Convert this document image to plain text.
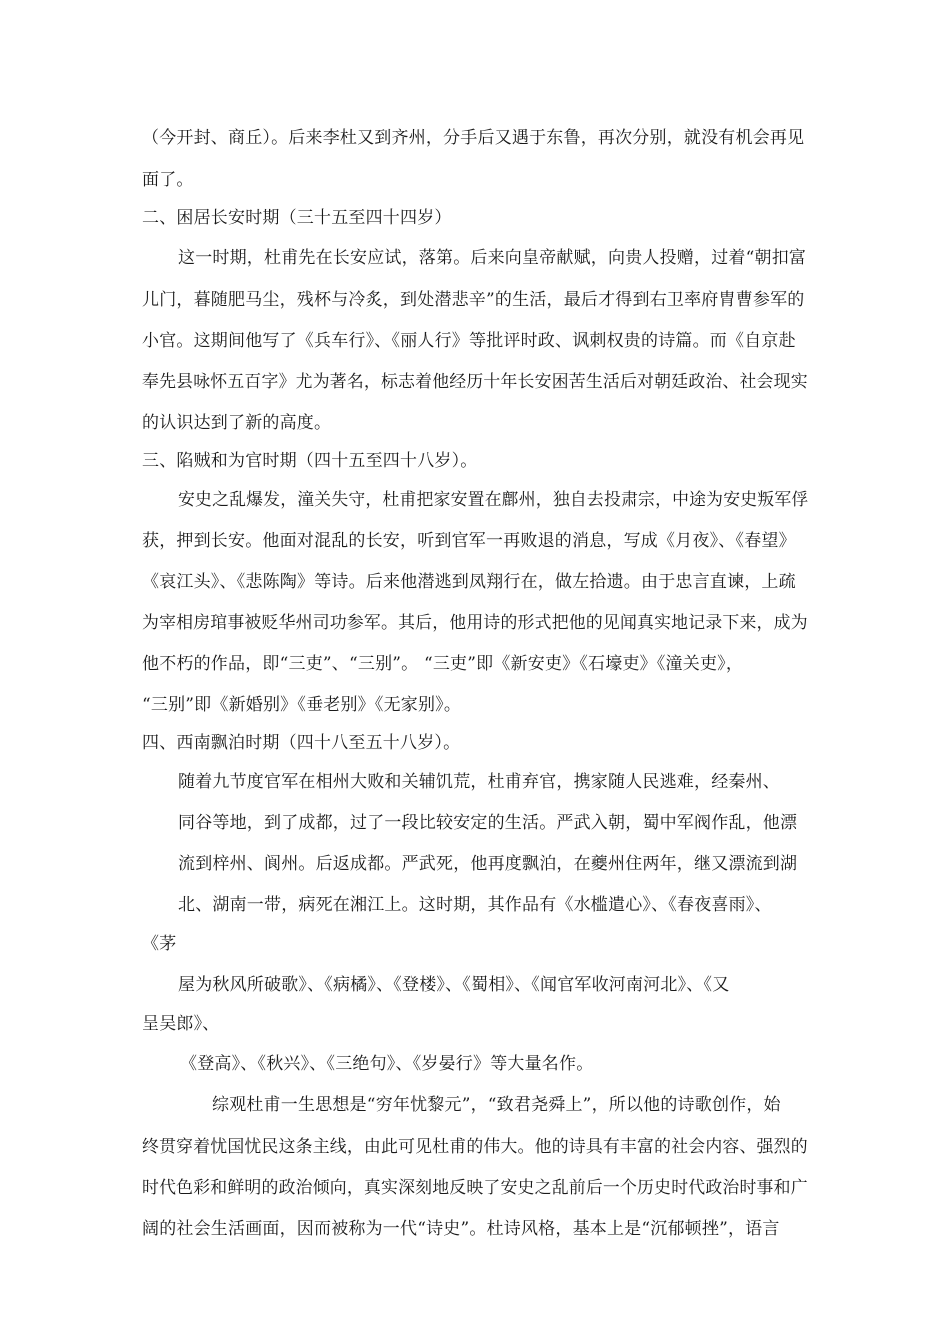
（今开封、商丘）。后来李杜又到齐州，分手后又遇于东鲁，再次分别，就没有机会再见
面了。
二、困居长安时期（三十五至四十四岁）
这一时期，杜甫先在长安应试，落第。后来向皇帝献赋，向贵人投赠，过着“朝扣富
儿门，暮随肥马尘，残杯与冷炙，到处潜悲辛”的生活，最后才得到右卫率府胄曹参军的
小官。这期间他写了《兵车行》、《丽人行》等批评时政、讽刺权贵的诗篇。而《自京赴
奉先县咏怀五百字》尤为著名，标志着他经历十年长安困苦生活后对朝廷政治、社会现实
的认识达到了新的高度。
三、陷贼和为官时期（四十五至四十八岁）。
安史之乱爆发，潼关失守，杜甫把家安置在鄜州，独自去投肃宗，中途为安史叛军俘
获，押到长安。他面对混乱的长安，听到官军一再败退的消息，写成《月夜》、《春望》
《哀江头》、《悲陈陶》等诗。后来他潜逃到凤翔行在，做左拾遗。由于忠言直谏，上疏
为宰相房琯事被贬华州司功参军。其后，他用诗的形式把他的见闻真实地记录下来，成为
他不朽的作品，即“三吏”、“三别”。 “三吏”即《新安吏》《石壕吏》《潼关吏》，
“三别”即《新婚别》《垂老别》《无家别》。
四、西南飘泊时期（四十八至五十八岁）。
随着九节度官军在相州大败和关辅饥荒，杜甫弃官，携家随人民逃难，经秦州、
同谷等地，到了成都，过了一段比较安定的生活。严武入朝，蜀中军阀作乱，他漂
流到梓州、阆州。后返成都。严武死，他再度飘泊，在夔州住两年，继又漂流到湖
北、湖南一带，病死在湘江上。这时期，其作品有《水槛遣心》、《春夜喜雨》、
《茅
屋为秋风所破歌》、《病橘》、《登楼》、《蜀相》、《闻官军收河南河北》、《又
呈吴郎》、
《登高》、《秋兴》、《三绝句》、《岁晏行》等大量名作。
综观杜甫一生思想是“穷年忧黎元”，“致君尧舜上”，所以他的诗歌创作，始
终贯穿着忧国忧民这条主线，由此可见杜甫的伟大。他的诗具有丰富的社会内容、强烈的
时代色彩和鲜明的政治倾向，真实深刻地反映了安史之乱前后一个历史时代政治时事和广
阔的社会生活画面，因而被称为一代“诗史”。杜诗风格，基本上是“沉郁顿挫”，语言
